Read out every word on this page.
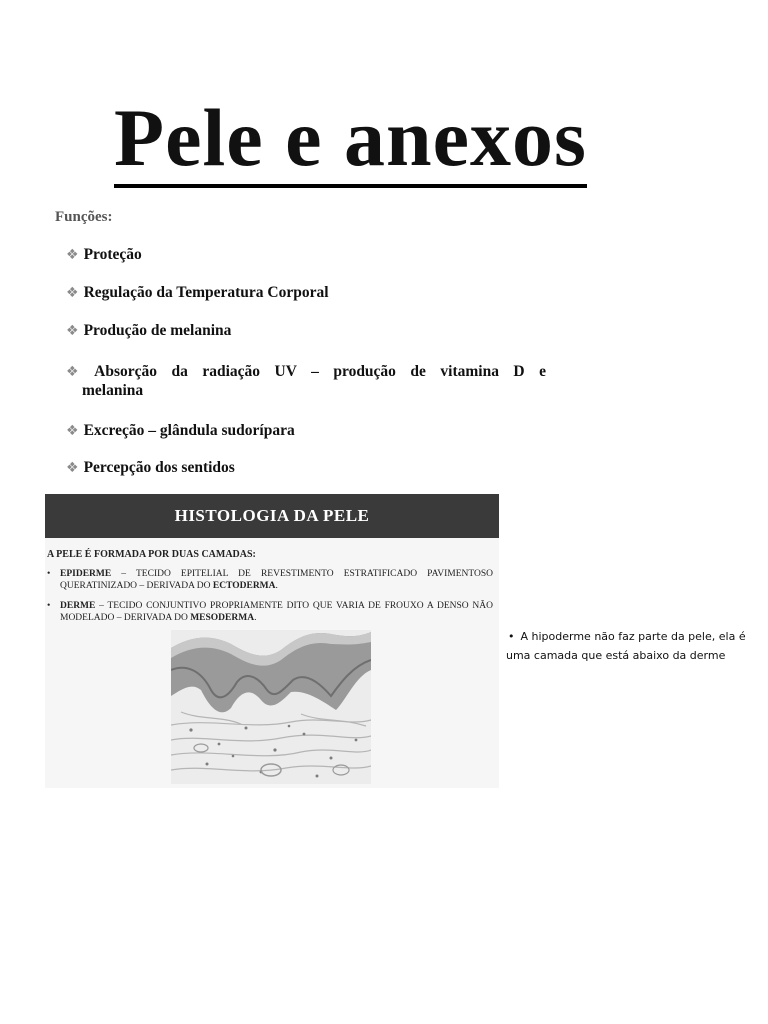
Pele e anexos
Funções:
❖ Proteção
❖ Regulação da Temperatura Corporal
❖ Produção de melanina
❖ Absorção da radiação UV – produção de vitamina D e
melanina
❖ Excreção – glândula sudorípara
❖ Percepção dos sentidos
HISTOLOGIA DA PELE
A PELE É FORMADA POR DUAS CAMADAS:
•	EPIDERME – TECIDO EPITELIAL DE REVESTIMENTO ESTRATIFICADO PAVIMENTOSO QUERATINIZADO – DERIVADA DO ECTODERMA.
•	DERME – TECIDO CONJUNTIVO PROPRIAMENTE DITO QUE VARIA DE FROUXO A DENSO NÃO MODELADO – DERIVADA DO MESODERMA.
• A hipoderme não faz parte da pele, ela é uma camada que está abaixo da derme
